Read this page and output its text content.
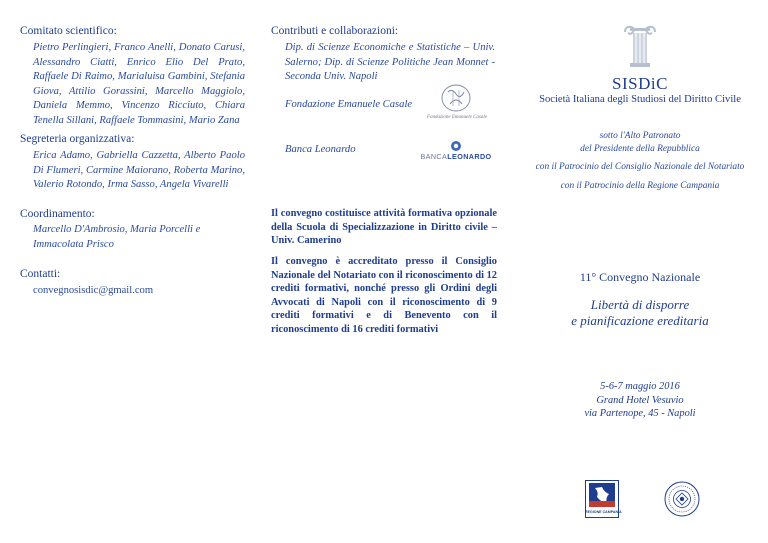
Comitato scientifico:
Pietro Perlingieri, Franco Anelli, Donato Carusi, Alessandro Ciatti, Enrico Elio Del Prato, Raffaele Di Raimo, Marialuisa Gambini, Stefania Giova, Attilio Gorassini, Marcello Maggiolo, Daniela Memmo, Vincenzo Ricciuto, Chiara Tenella Sillani, Raffaele Tommasini, Mario Zana
Segreteria organizzativa:
Erica Adamo, Gabriella Cazzetta, Alberto Paolo Di Flumeri, Carmine Maiorano, Roberta Marino, Valerio Rotondo, Irma Sasso, Angela Vivarelli
Coordinamento:
Marcello D'Ambrosio, Maria Porcelli e Immacolata Prisco
Contatti:
convegnosisdic@gmail.com
Contributi e collaborazioni:
Dip. di Scienze Economiche e Statistiche – Univ. Salerno; Dip. di Scienze Politiche Jean Monnet - Seconda Univ. Napoli
Fondazione Emanuele Casale
Fondazione Emanuele Casale
Banca Leonardo
BANCALEONARDO
Il convegno costituisce attività formativa opzionale della Scuola di Specializzazione in Diritto civile – Univ. Camerino
Il convegno è accreditato presso il Consiglio Nazionale del Notariato con il riconoscimento di 12 crediti formativi, nonché presso gli Ordini degli Avvocati di Napoli con il riconoscimento di 9 crediti formativi e di Benevento con il riconoscimento di 16 crediti formativi
SISDiC
Società Italiana degli Studiosi del Diritto Civile
sotto l'Alto Patronato
del Presidente della Repubblica
con il Patrocinio del Consiglio Nazionale del Notariato
con il Patrocinio della Regione Campania
11° Convegno Nazionale
Libertà di disporre
e pianificazione ereditaria
5-6-7 maggio 2016
Grand Hotel Vesuvio
via Partenope, 45 - Napoli
REGIONE CAMPANIA
